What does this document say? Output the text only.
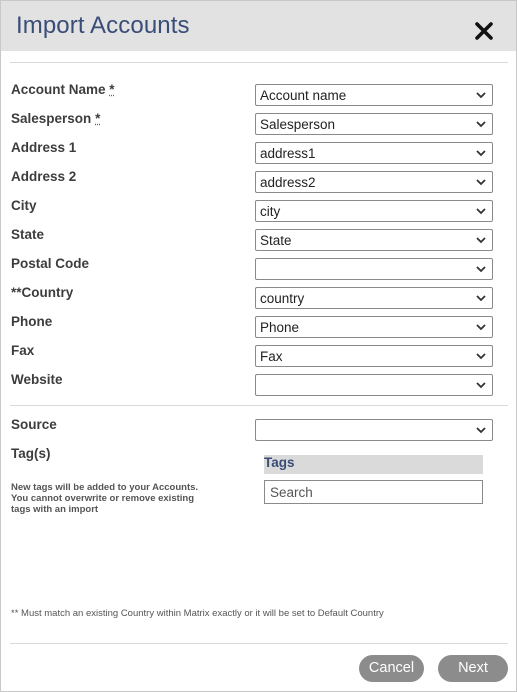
Import Accounts
Account Name *	Account name
Salesperson *	Salesperson
Address 1	address1
Address 2	address2
City	city
State	State
Postal Code
**Country	country
Phone	Phone
Fax	Fax
Website
Source
Tag(s)
Tags
Search
New tags will be added to your Accounts.
You cannot overwrite or remove existing
tags with an import
** Must match an existing Country within Matrix exactly or it will be set to Default Country
Cancel	Next
